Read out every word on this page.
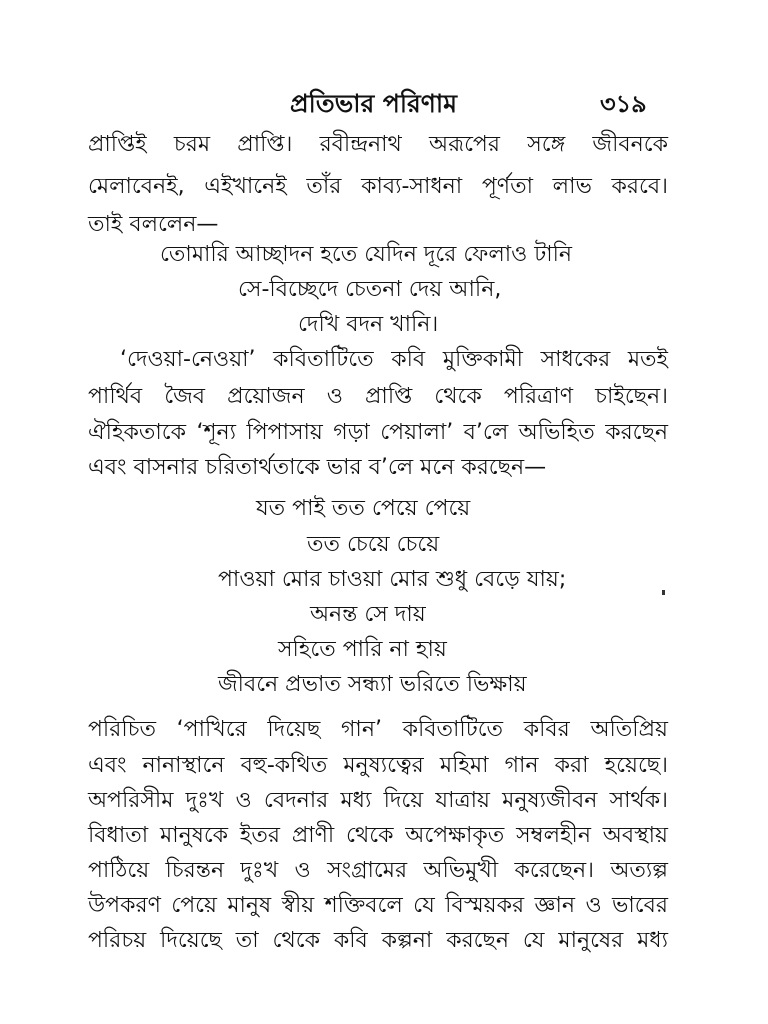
প্রতিভার পরিণাম	৩১৯
প্রাপ্তিই চরম প্রাপ্তি। রবীন্দ্রনাথ অরূপের সঙ্গে জীবনকে
মেলাবেনই, এইখানেই তাঁর কাব্য-সাধনা পূর্ণতা লাভ করবে।
তাই বললেন—
তোমারি আচ্ছাদন হতে যেদিন দূরে ফেলাও টানি
সে-বিচ্ছেদে চেতনা দেয় আনি,
দেখি বদন খানি।
‘দেওয়া-নেওয়া’ কবিতাটিতে কবি মুক্তিকামী সাধকের মতই
পার্থিব জৈব প্রয়োজন ও প্রাপ্তি থেকে পরিত্রাণ চাইছেন।
ঐহিকতাকে ‘শূন্য পিপাসায় গড়া পেয়ালা’ ব’লে অভিহিত করছেন
এবং বাসনার চরিতার্থতাকে ভার ব’লে মনে করছেন—
যত পাই তত পেয়ে পেয়ে
তত চেয়ে চেয়ে
পাওয়া মোর চাওয়া মোর শুধু বেড়ে যায়;
অনন্ত সে দায়
সহিতে পারি না হায়
জীবনে প্রভাত সন্ধ্যা ভরিতে ভিক্ষায়
পরিচিত ‘পাখিরে দিয়েছ গান’ কবিতাটিতে কবির অতিপ্রিয়
এবং নানাস্থানে বহু-কথিত মনুষ্যত্বের মহিমা গান করা হয়েছে।
অপরিসীম দুঃখ ও বেদনার মধ্য দিয়ে যাত্রায় মনুষ্যজীবন সার্থক।
বিধাতা মানুষকে ইতর প্রাণী থেকে অপেক্ষাকৃত সম্বলহীন অবস্থায়
পাঠিয়ে চিরন্তন দুঃখ ও সংগ্রামের অভিমুখী করেছেন। অত্যল্প
উপকরণ পেয়ে মানুষ স্বীয় শক্তিবলে যে বিস্ময়কর জ্ঞান ও ভাবের
পরিচয় দিয়েছে তা থেকে কবি কল্পনা করছেন যে মানুষের মধ্য
